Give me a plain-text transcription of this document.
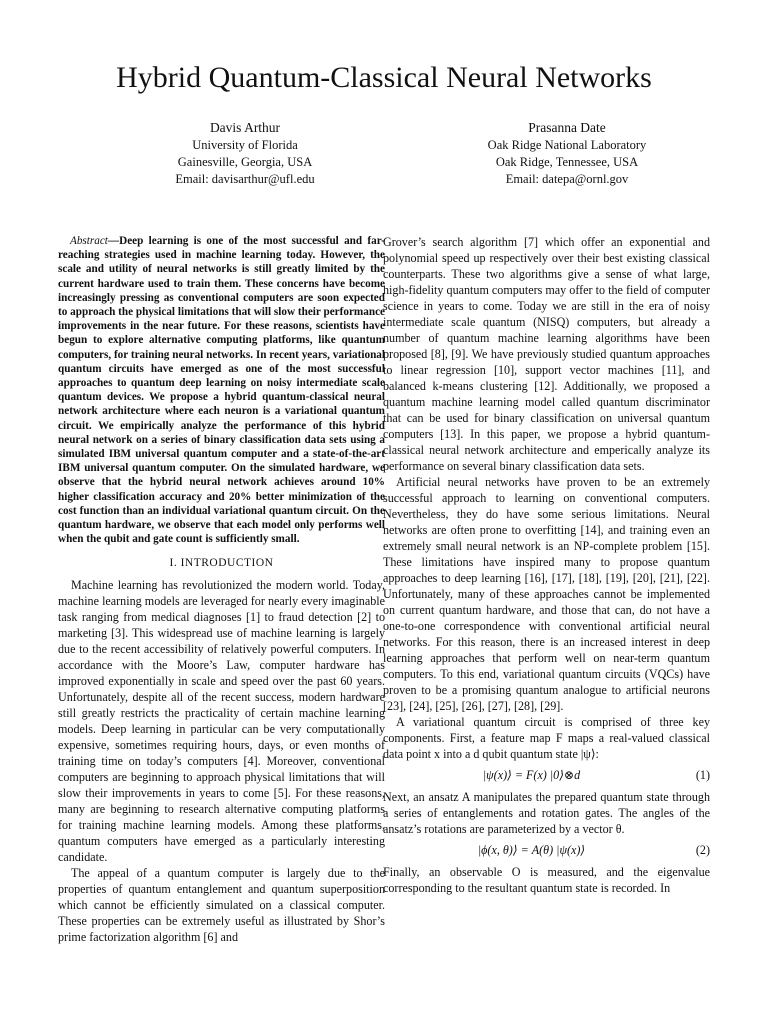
Hybrid Quantum-Classical Neural Networks
Davis Arthur
University of Florida
Gainesville, Georgia, USA
Email: davisarthur@ufl.edu
Prasanna Date
Oak Ridge National Laboratory
Oak Ridge, Tennessee, USA
Email: datepa@ornl.gov

Abstract—Deep learning is one of the most successful and far-reaching strategies used in machine learning today. However, the scale and utility of neural networks is still greatly limited by the current hardware used to train them. These concerns have become increasingly pressing as conventional computers are soon expected to approach the physical limitations that will slow their performance improvements in the near future. For these reasons, scientists have begun to explore alternative computing platforms, like quantum computers, for training neural networks. In recent years, variational quantum circuits have emerged as one of the most successful approaches to quantum deep learning on noisy intermediate scale quantum devices. We propose a hybrid quantum-classical neural network architecture where each neuron is a variational quantum circuit. We empirically analyze the performance of this hybrid neural network on a series of binary classification data sets using a simulated IBM universal quantum computer and a state-of-the-art IBM universal quantum computer. On the simulated hardware, we observe that the hybrid neural network achieves around 10% higher classification accuracy and 20% better minimization of the cost function than an individual variational quantum circuit. On the quantum hardware, we observe that each model only performs well when the qubit and gate count is sufficiently small.

I. INTRODUCTION

Machine learning has revolutionized the modern world. Today, machine learning models are leveraged for nearly every imaginable task ranging from medical diagnoses [1] to fraud detection [2] to marketing [3]. This widespread use of machine learning is largely due to the recent accessibility of relatively powerful computers. In accordance with the Moore’s Law, computer hardware has improved exponentially in scale and speed over the past 60 years. Unfortunately, despite all of the recent success, modern hardware still greatly restricts the practicality of certain machine learning models. Deep learning in particular can be very computationally expensive, sometimes requiring hours, days, or even months of training time on today’s computers [4]. Moreover, conventional computers are beginning to approach physical limitations that will slow their improvements in years to come [5]. For these reasons, many are beginning to research alternative computing platforms for training machine learning models. Among these platforms, quantum computers have emerged as a particularly interesting candidate.

The appeal of a quantum computer is largely due to the properties of quantum entanglement and quantum superposition which cannot be efficiently simulated on a classical computer. These properties can be extremely useful as illustrated by Shor’s prime factorization algorithm [6] and

Grover’s search algorithm [7] which offer an exponential and polynomial speed up respectively over their best existing classical counterparts. These two algorithms give a sense of what large, high-fidelity quantum computers may offer to the field of computer science in years to come. Today we are still in the era of noisy intermediate scale quantum (NISQ) computers, but already a number of quantum machine learning algorithms have been proposed [8], [9]. We have previously studied quantum approaches to linear regression [10], support vector machines [11], and balanced k-means clustering [12]. Additionally, we proposed a quantum machine learning model called quantum discriminator that can be used for binary classification on universal quantum computers [13]. In this paper, we propose a hybrid quantum-classical neural network architecture and emperically analyze its performance on several binary classification data sets.

Artificial neural networks have proven to be an extremely successful approach to learning on conventional computers. Nevertheless, they do have some serious limitations. Neural networks are often prone to overfitting [14], and training even an extremely small neural network is an NP-complete problem [15]. These limitations have inspired many to propose quantum approaches to deep learning [16], [17], [18], [19], [20], [21], [22]. Unfortunately, many of these approaches cannot be implemented on current quantum hardware, and those that can, do not have a one-to-one correspondence with conventional artificial neural networks. For this reason, there is an increased interest in deep learning approaches that perform well on near-term quantum computers. To this end, variational quantum circuits (VQCs) have proven to be a promising quantum analogue to artificial neurons [23], [24], [25], [26], [27], [28], [29].

A variational quantum circuit is comprised of three key components. First, a feature map F maps a real-valued classical data point x into a d qubit quantum state |ψ⟩:

|ψ(x)⟩ = F(x) |0⟩⊗d	(1)

Next, an ansatz A manipulates the prepared quantum state through a series of entanglements and rotation gates. The angles of the ansatz’s rotations are parameterized by a vector θ.

|ϕ(x, θ)⟩ = A(θ) |ψ(x)⟩	(2)

Finally, an observable O is measured, and the eigenvalue corresponding to the resultant quantum state is recorded. In
